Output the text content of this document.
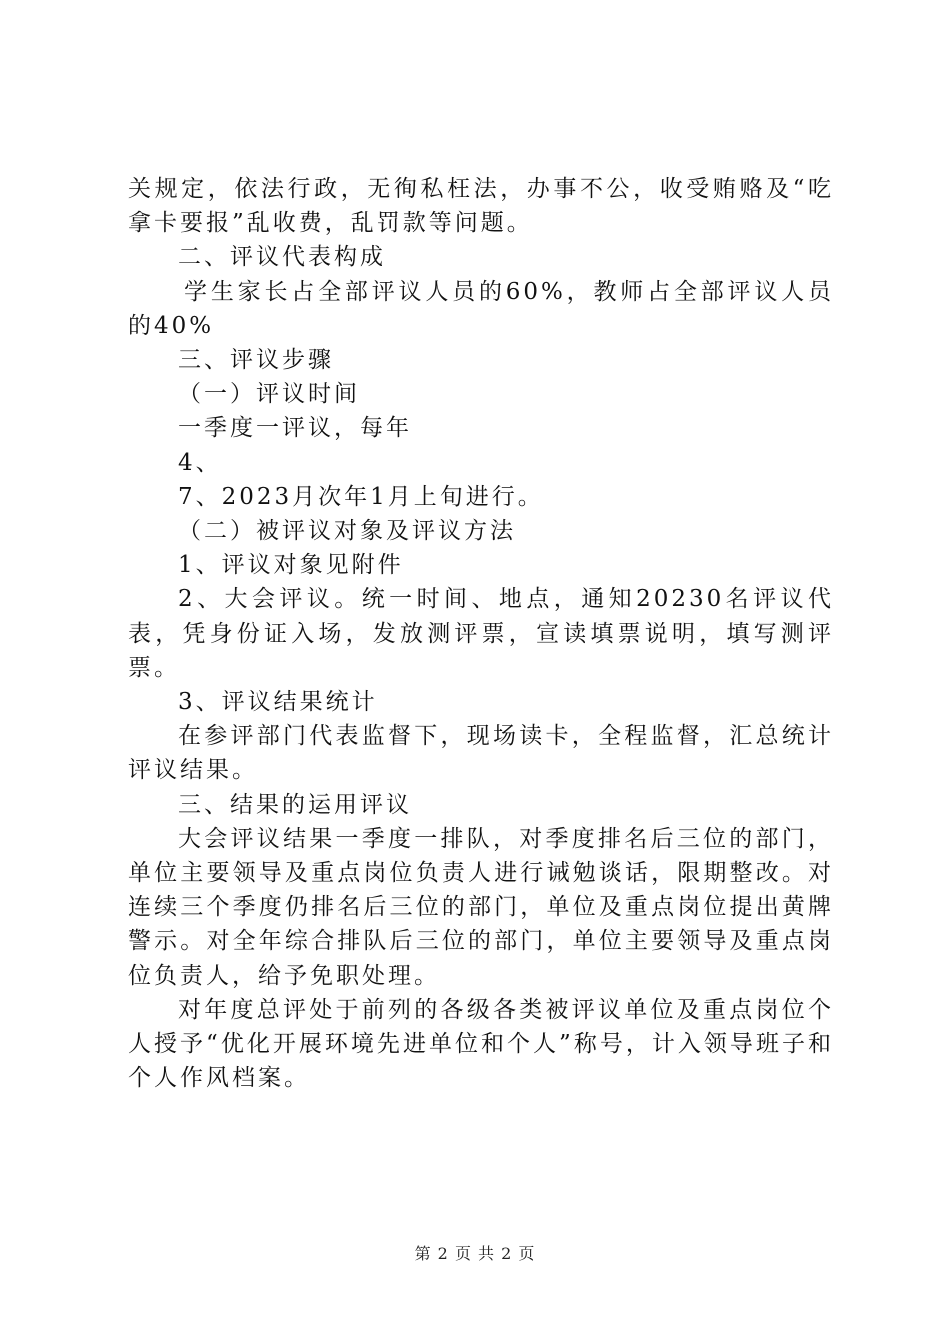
关规定，依法行政，无徇私枉法，办事不公，收受贿赂及“吃拿卡要报”乱收费，乱罚款等问题。

二、评议代表构成

学生家长占全部评议人员的60%，教师占全部评议人员的40%

三、评议步骤

（一）评议时间

一季度一评议，每年

4、

7、2023月次年1月上旬进行。

（二）被评议对象及评议方法

1、评议对象见附件

2、大会评议。统一时间、地点，通知20230名评议代表，凭身份证入场，发放测评票，宣读填票说明，填写测评票。

3、评议结果统计

在参评部门代表监督下，现场读卡，全程监督，汇总统计评议结果。

三、结果的运用评议

大会评议结果一季度一排队，对季度排名后三位的部门，单位主要领导及重点岗位负责人进行诫勉谈话，限期整改。对连续三个季度仍排名后三位的部门，单位及重点岗位提出黄牌警示。对全年综合排队后三位的部门，单位主要领导及重点岗位负责人，给予免职处理。

对年度总评处于前列的各级各类被评议单位及重点岗位个人授予“优化开展环境先进单位和个人”称号，计入领导班子和个人作风档案。

第 2 页 共 2 页
